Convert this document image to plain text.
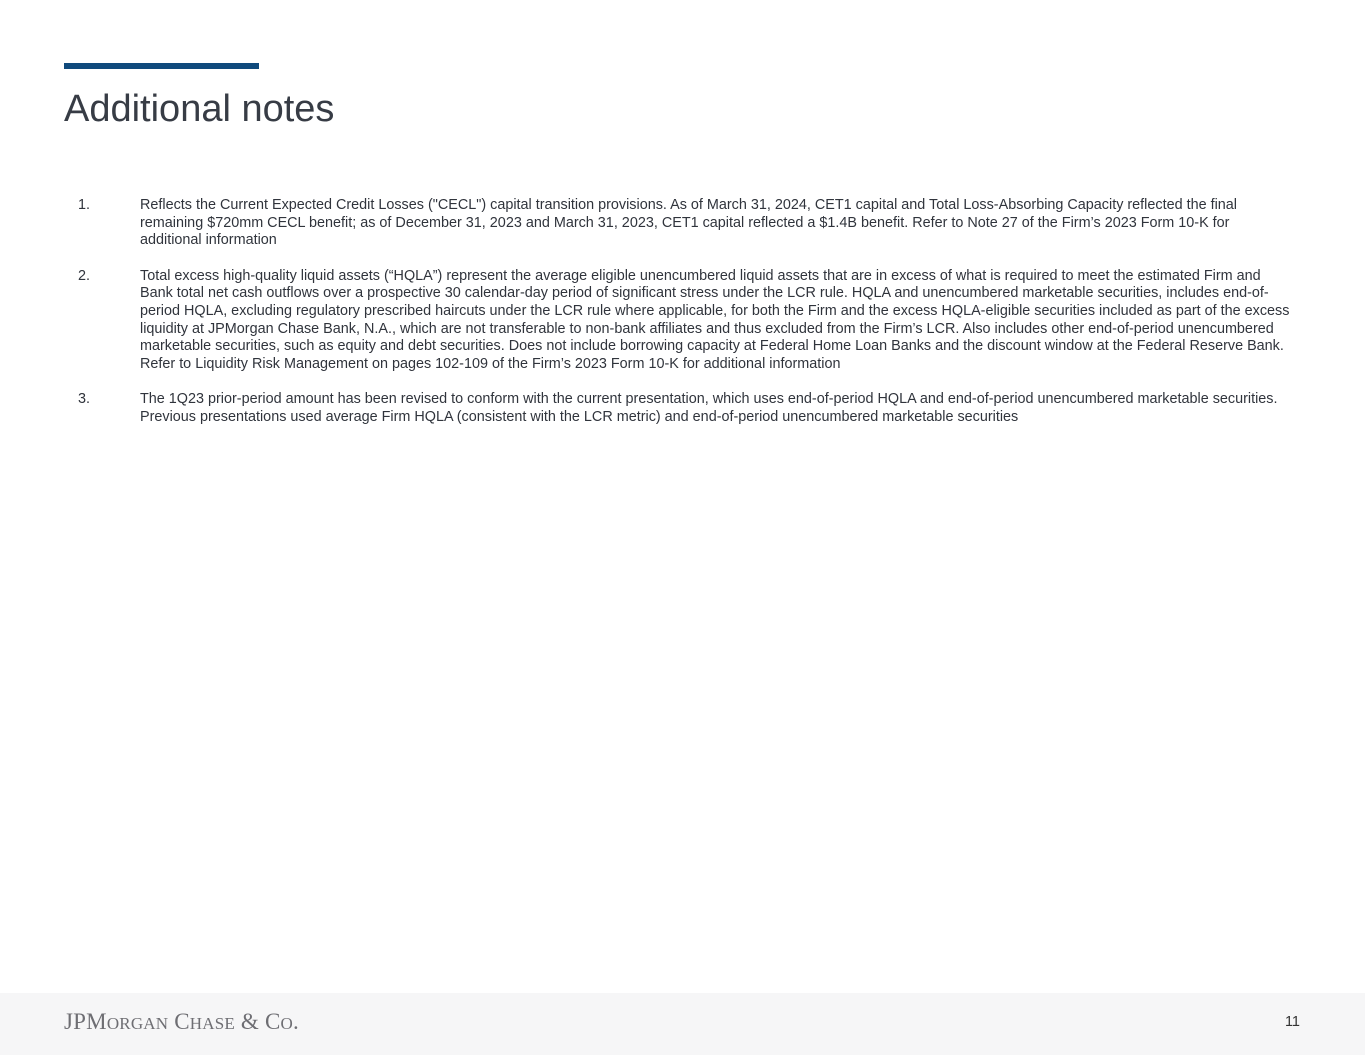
Additional notes
1.	Reflects the Current Expected Credit Losses ("CECL") capital transition provisions. As of March 31, 2024, CET1 capital and Total Loss-Absorbing Capacity reflected the final remaining $720mm CECL benefit; as of December 31, 2023 and March 31, 2023, CET1 capital reflected a $1.4B benefit. Refer to Note 27 of the Firm’s 2023 Form 10-K for additional information
2.	Total excess high-quality liquid assets (“HQLA”) represent the average eligible unencumbered liquid assets that are in excess of what is required to meet the estimated Firm and Bank total net cash outflows over a prospective 30 calendar-day period of significant stress under the LCR rule. HQLA and unencumbered marketable securities, includes end-of-period HQLA, excluding regulatory prescribed haircuts under the LCR rule where applicable, for both the Firm and the excess HQLA-eligible securities included as part of the excess liquidity at JPMorgan Chase Bank, N.A., which are not transferable to non-bank affiliates and thus excluded from the Firm’s LCR. Also includes other end-of-period unencumbered marketable securities, such as equity and debt securities. Does not include borrowing capacity at Federal Home Loan Banks and the discount window at the Federal Reserve Bank. Refer to Liquidity Risk Management on pages 102-109 of the Firm’s 2023 Form 10-K for additional information
3.	The 1Q23 prior-period amount has been revised to conform with the current presentation, which uses end-of-period HQLA and end-of-period unencumbered marketable securities. Previous presentations used average Firm HQLA (consistent with the LCR metric) and end-of-period unencumbered marketable securities
JPMORGAN CHASE & CO.	11
